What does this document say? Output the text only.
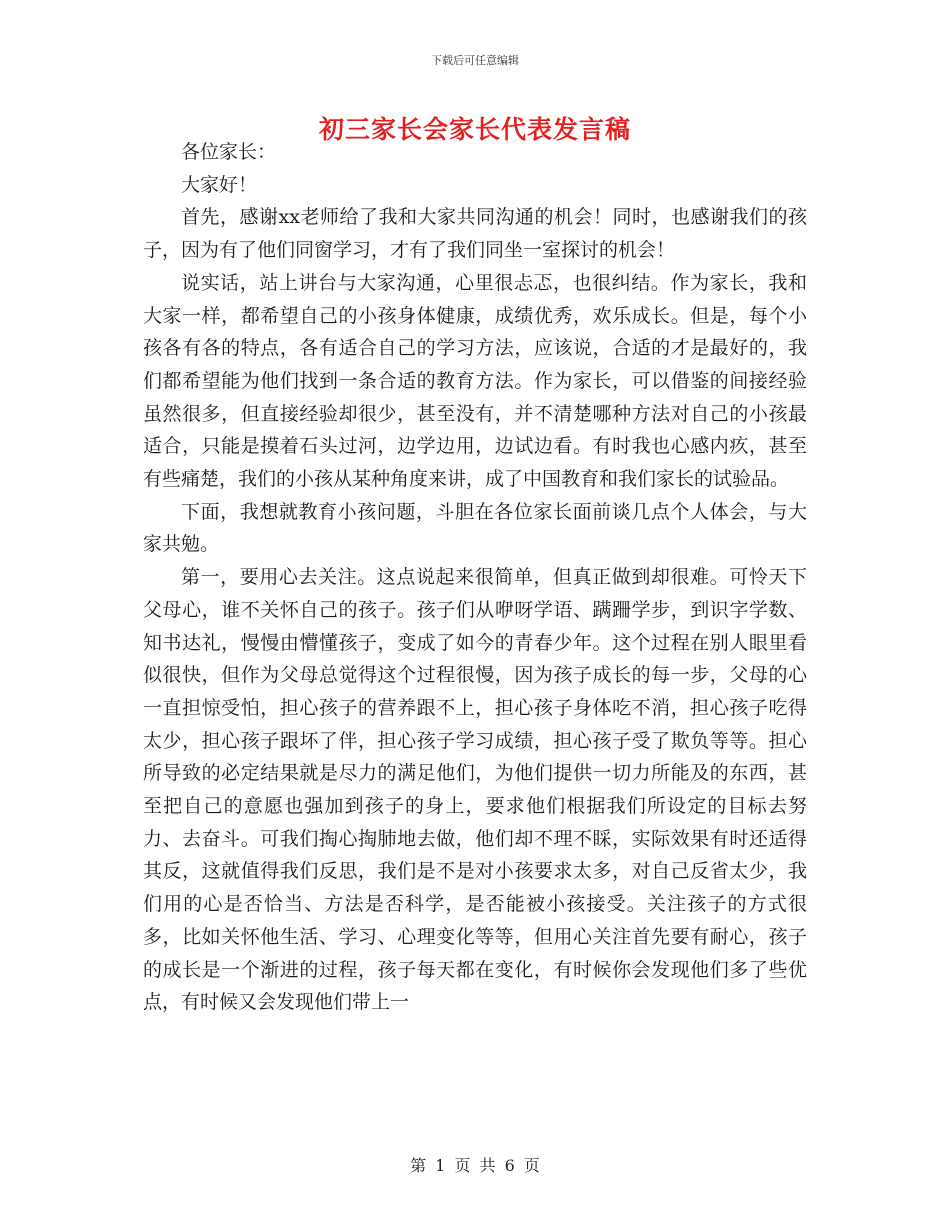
下载后可任意编辑
初三家长会家长代表发言稿

各位家长：

大家好！

首先，感谢xx老师给了我和大家共同沟通的机会！同时，也感谢我们的孩子，因为有了他们同窗学习，才有了我们同坐一室探讨的机会！

说实话，站上讲台与大家沟通，心里很忐忑，也很纠结。作为家长，我和大家一样，都希望自己的小孩身体健康，成绩优秀，欢乐成长。但是，每个小孩各有各的特点，各有适合自己的学习方法，应该说，合适的才是最好的，我们都希望能为他们找到一条合适的教育方法。作为家长，可以借鉴的间接经验虽然很多，但直接经验却很少，甚至没有，并不清楚哪种方法对自己的小孩最适合，只能是摸着石头过河，边学边用，边试边看。有时我也心感内疚，甚至有些痛楚，我们的小孩从某种角度来讲，成了中国教育和我们家长的试验品。

下面，我想就教育小孩问题，斗胆在各位家长面前谈几点个人体会，与大家共勉。

第一，要用心去关注。这点说起来很简单，但真正做到却很难。可怜天下父母心，谁不关怀自己的孩子。孩子们从咿呀学语、蹒跚学步，到识字学数、知书达礼，慢慢由懵懂孩子，变成了如今的青春少年。这个过程在别人眼里看似很快，但作为父母总觉得这个过程很慢，因为孩子成长的每一步，父母的心一直担惊受怕，担心孩子的营养跟不上，担心孩子身体吃不消，担心孩子吃得太少，担心孩子跟坏了伴，担心孩子学习成绩，担心孩子受了欺负等等。担心所导致的必定结果就是尽力的满足他们，为他们提供一切力所能及的东西，甚至把自己的意愿也强加到孩子的身上，要求他们根据我们所设定的目标去努力、去奋斗。可我们掏心掏肺地去做，他们却不理不睬，实际效果有时还适得其反，这就值得我们反思，我们是不是对小孩要求太多，对自己反省太少，我们用的心是否恰当、方法是否科学，是否能被小孩接受。关注孩子的方式很多，比如关怀他生活、学习、心理变化等等，但用心关注首先要有耐心，孩子的成长是一个渐进的过程，孩子每天都在变化，有时候你会发现他们多了些优点，有时候又会发现他们带上一

第 1 页 共 6 页
